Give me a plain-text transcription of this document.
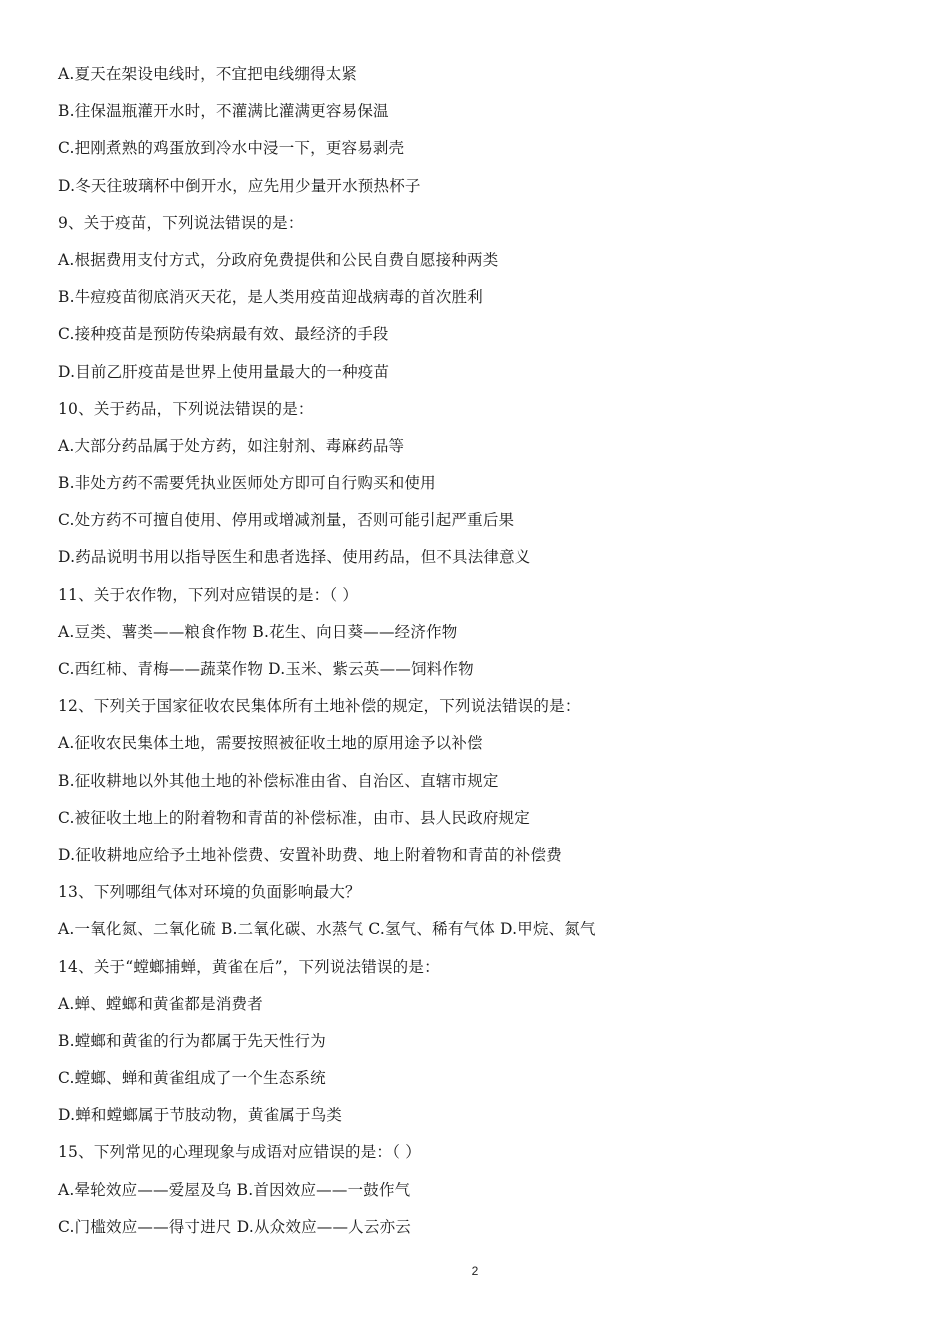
A.夏天在架设电线时，不宜把电线绷得太紧
B.往保温瓶灌开水时，不灌满比灌满更容易保温
C.把刚煮熟的鸡蛋放到冷水中浸一下，更容易剥壳
D.冬天往玻璃杯中倒开水，应先用少量开水预热杯子
9、关于疫苗，下列说法错误的是：
A.根据费用支付方式，分政府免费提供和公民自费自愿接种两类
B.牛痘疫苗彻底消灭天花，是人类用疫苗迎战病毒的首次胜利
C.接种疫苗是预防传染病最有效、最经济的手段
D.目前乙肝疫苗是世界上使用量最大的一种疫苗
10、关于药品，下列说法错误的是：
A.大部分药品属于处方药，如注射剂、毒麻药品等
B.非处方药不需要凭执业医师处方即可自行购买和使用
C.处方药不可擅自使用、停用或增减剂量，否则可能引起严重后果
D.药品说明书用以指导医生和患者选择、使用药品，但不具法律意义
11、关于农作物，下列对应错误的是：（ ）
A.豆类、薯类——粮食作物 B.花生、向日葵——经济作物
C.西红柿、青梅——蔬菜作物 D.玉米、紫云英——饲料作物
12、下列关于国家征收农民集体所有土地补偿的规定，下列说法错误的是：
A.征收农民集体土地，需要按照被征收土地的原用途予以补偿
B.征收耕地以外其他土地的补偿标准由省、自治区、直辖市规定
C.被征收土地上的附着物和青苗的补偿标准，由市、县人民政府规定
D.征收耕地应给予土地补偿费、安置补助费、地上附着物和青苗的补偿费
13、下列哪组气体对环境的负面影响最大？
A.一氧化氮、二氧化硫 B.二氧化碳、水蒸气 C.氢气、稀有气体 D.甲烷、氮气
14、关于“螳螂捕蝉，黄雀在后”，下列说法错误的是：
A.蝉、螳螂和黄雀都是消费者
B.螳螂和黄雀的行为都属于先天性行为
C.螳螂、蝉和黄雀组成了一个生态系统
D.蝉和螳螂属于节肢动物，黄雀属于鸟类
15、下列常见的心理现象与成语对应错误的是：（ ）
A.晕轮效应——爱屋及乌 B.首因效应——一鼓作气
C.门槛效应——得寸进尺 D.从众效应——人云亦云
2
